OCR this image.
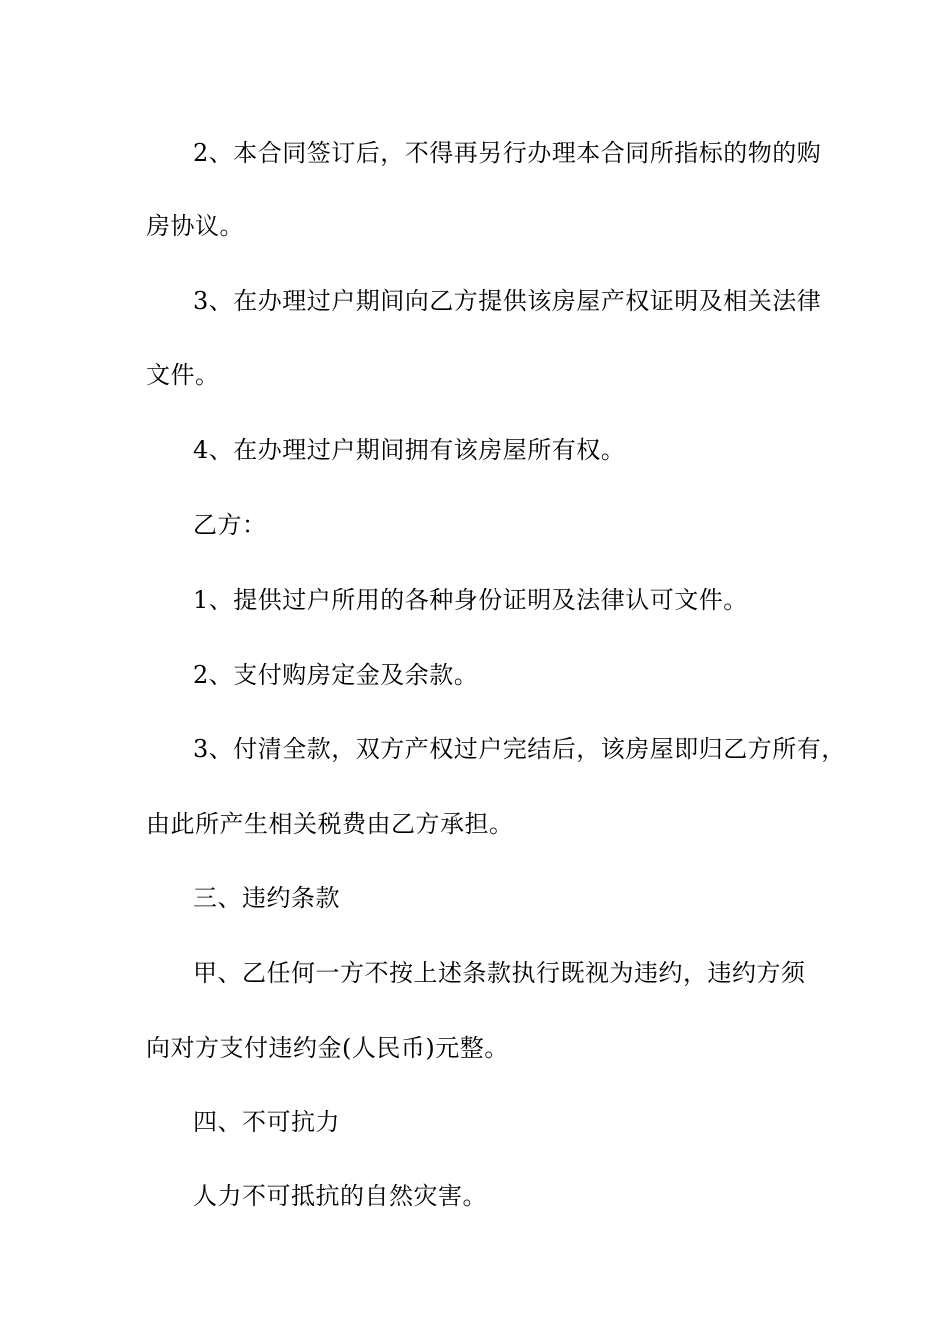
2、本合同签订后，不得再另行办理本合同所指标的物的购
房协议。
3、在办理过户期间向乙方提供该房屋产权证明及相关法律
文件。
4、在办理过户期间拥有该房屋所有权。
乙方：
1、提供过户所用的各种身份证明及法律认可文件。
2、支付购房定金及余款。
3、付清全款，双方产权过户完结后，该房屋即归乙方所有，
由此所产生相关税费由乙方承担。
三、违约条款
甲、乙任何一方不按上述条款执行既视为违约，违约方须
向对方支付违约金(人民币)元整。
四、不可抗力
人力不可抵抗的自然灾害。
